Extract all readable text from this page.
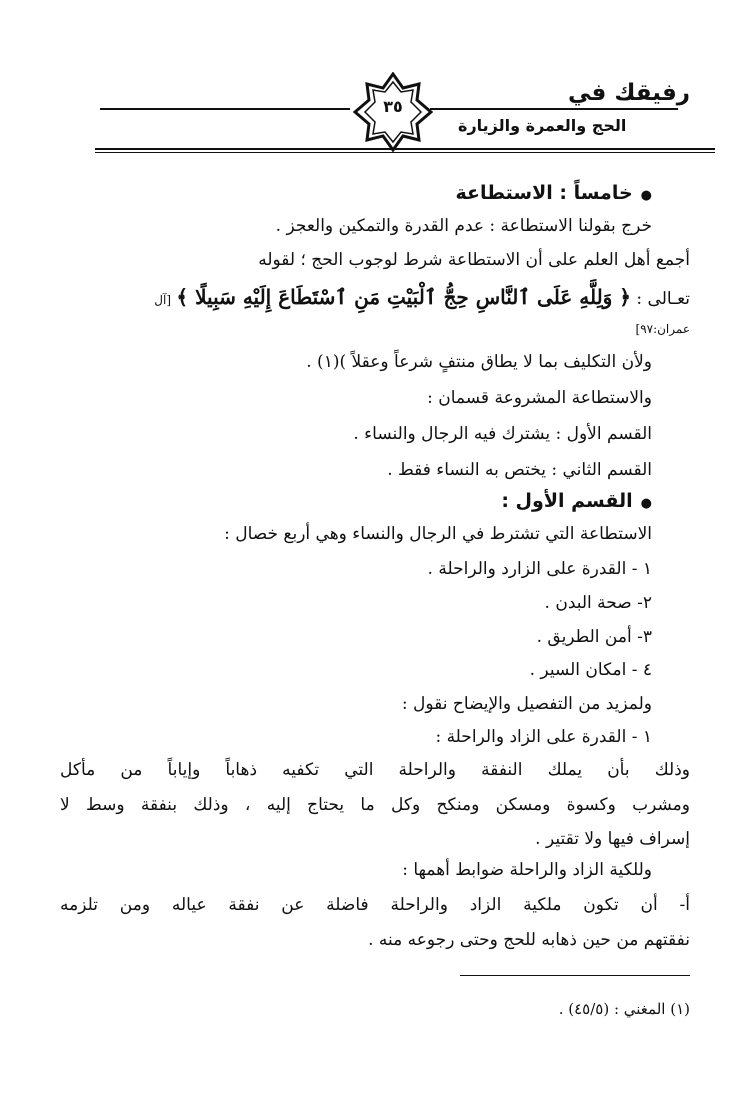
رفيقك في
٣٥
الحج والعمرة والزيارة
● خامساً : الاستطاعة
خرج بقولنا الاستطاعة : عدم القدرة والتمكين والعجز .
أجمع أهل العلم على أن الاستطاعة شرط لوجوب الحج ؛ لقوله
تعـالى : ﴿ وَلِلَّهِ عَلَى ٱلنَّاسِ حِجُّ ٱلْبَيْتِ مَنِ ٱسْتَطَاعَ إِلَيْهِ سَبِيلًا ﴾ [آل
عمران:٩٧]
ولأن التكليف بما لا يطاق منتفٍ شرعاً وعقلاً )(١) .
والاستطاعة المشروعة قسمان :
القسم الأول : يشترك فيه الرجال والنساء .
القسم الثاني : يختص به النساء فقط .
● القسم الأول :
الاستطاعة التي تشترط في الرجال والنساء وهي أربع خصال :
١ - القدرة على الزارد والراحلة .
٢- صحة البدن .
٣- أمن الطريق .
٤ - امكان السير .
ولمزيد من التفصيل والإيضاح نقول :
١ - القدرة على الزاد والراحلة :
وذلك بأن يملك النفقة والراحلة التي تكفيه ذهاباً وإياباً من مأكل
ومشرب وكسوة ومسكن ومنكح وكل ما يحتاج إليه ، وذلك بنفقة وسط لا
إسراف فيها ولا تقتير .
وللكية الزاد والراحلة ضوابط أهمها :
أ- أن تكون ملكية الزاد والراحلة فاضلة عن نفقة عياله ومن تلزمه
نفقتهم من حين ذهابه للحج وحتى رجوعه منه .
(١) المغني : (٤٥/٥) .
